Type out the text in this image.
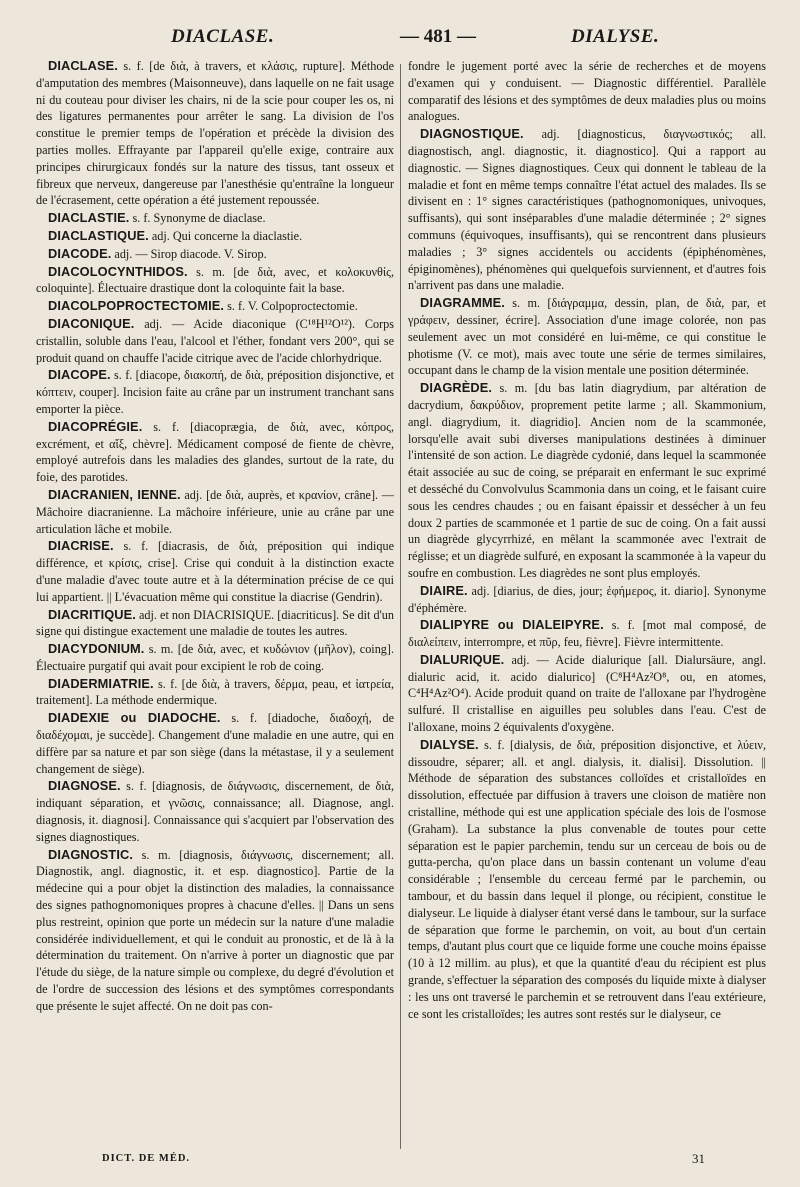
DIACLASE.	— 481 —	DIALYSE.

DIACLASE. s. f. [de διὰ, à travers, et κλάσις, rupture]. Méthode d'amputation des membres (Maisonneuve), dans laquelle on ne fait usage ni du couteau pour diviser les chairs, ni de la scie pour couper les os, ni des ligatures permanentes pour arrêter le sang. La division de l'os constitue le premier temps de l'opération et précède la division des parties molles. Effrayante par l'appareil qu'elle exige, contraire aux principes chirurgicaux fondés sur la nature des tissus, tant osseux et fibreux que nerveux, dangereuse par l'anesthésie qu'entraîne la longueur de l'écrasement, cette opération a été justement repoussée.

DIACLASTIE. s. f. Synonyme de diaclase.

DIACLASTIQUE. adj. Qui concerne la diaclastie.

DIACODE. adj. — Sirop diacode. V. Sirop.

DIACOLOCYNTHIDOS. s. m. [de διὰ, avec, et κολοκυνθίς, coloquinte]. Électuaire drastique dont la coloquinte fait la base.

DIACOLPOPROCTECTOMIE. s. f. V. Colpoproctectomie.

DIACONIQUE. adj. — Acide diaconique (C¹⁸H¹²O¹²). Corps cristallin, soluble dans l'eau, l'alcool et l'éther, fondant vers 200°, qui se produit quand on chauffe l'acide citrique avec de l'acide chlorhydrique.

DIACOPE. s. f. [diacope, διακοπή, de διὰ, préposition disjonctive, et κόπτειν, couper]. Incision faite au crâne par un instrument tranchant sans emporter la pièce.

DIACOPRÉGIE. s. f. [diacoprægia, de διὰ, avec, κόπρος, excrément, et αἴξ, chèvre]. Médicament composé de fiente de chèvre, employé autrefois dans les maladies des glandes, surtout de la rate, du foie, des parotides.

DIACRANIEN, IENNE. adj. [de διὰ, auprès, et κρανίον, crâne]. — Mâchoire diacranienne. La mâchoire inférieure, unie au crâne par une articulation lâche et mobile.

DIACRISE. s. f. [diacrasis, de διὰ, préposition qui indique différence, et κρίσις, crise]. Crise qui conduit à la distinction exacte d'une maladie d'avec toute autre et à la détermination précise de ce qui lui appartient. || L'évacuation même qui constitue la diacrise (Gendrin).

DIACRITIQUE. adj. et non DIACRISIQUE. [diacriticus]. Se dit d'un signe qui distingue exactement une maladie de toutes les autres.

DIACYDONIUM. s. m. [de διὰ, avec, et κυδώνιον (μῆλον), coing]. Électuaire purgatif qui avait pour excipient le rob de coing.

DIADERMIATRIE. s. f. [de διὰ, à travers, δέρμα, peau, et ἰατρεία, traitement]. La méthode endermique.

DIADEXIE ou DIADOCHE. s. f. [diadoche, διαδοχή, de διαδέχομαι, je succède]. Changement d'une maladie en une autre, qui en diffère par sa nature et par son siège (dans la métastase, il y a seulement changement de siège).

DIAGNOSE. s. f. [diagnosis, de διάγνωσις, discernement, de διὰ, indiquant séparation, et γνῶσις, connaissance; all. Diagnose, angl. diagnosis, it. diagnosi]. Connaissance qui s'acquiert par l'observation des signes diagnostiques.

DIAGNOSTIC. s. m. [diagnosis, διάγνωσις, discernement; all. Diagnostik, angl. diagnostic, it. et esp. diagnostico]. Partie de la médecine qui a pour objet la distinction des maladies, la connaissance des signes pathognomoniques propres à chacune d'elles. || Dans un sens plus restreint, opinion que porte un médecin sur la nature d'une maladie considérée individuellement, et qui le conduit au pronostic, et de là à la détermination du traitement. On n'arrive à porter un diagnostic que par l'étude du siège, de la nature simple ou complexe, du degré d'évolution et de l'ordre de succession des lésions et des symptômes correspondants que présente le sujet affecté. On ne doit pas con-

fondre le jugement porté avec la série de recherches et de moyens d'examen qui y conduisent. — Diagnostic différentiel. Parallèle comparatif des lésions et des symptômes de deux maladies plus ou moins analogues.

DIAGNOSTIQUE. adj. [diagnosticus, διαγνωστικός; all. diagnostisch, angl. diagnostic, it. diagnostico]. Qui a rapport au diagnostic. — Signes diagnostiques. Ceux qui donnent le tableau de la maladie et font en même temps connaître l'état actuel des malades. Ils se divisent en : 1° signes caractéristiques (pathognomoniques, univoques, suffisants), qui sont inséparables d'une maladie déterminée ; 2° signes communs (équivoques, insuffisants), qui se rencontrent dans plusieurs maladies ; 3° signes accidentels ou accidents (épiphénomènes, épiginomènes), phénomènes qui quelquefois surviennent, et d'autres fois n'arrivent pas dans une maladie.

DIAGRAMME. s. m. [διάγραμμα, dessin, plan, de διὰ, par, et γράφειν, dessiner, écrire]. Association d'une image colorée, non pas seulement avec un mot considéré en lui-même, ce qui constitue le photisme (V. ce mot), mais avec toute une série de termes similaires, occupant dans le champ de la vision mentale une position déterminée.

DIAGRÈDE. s. m. [du bas latin diagrydium, par altération de dacrydium, δακρύδιον, proprement petite larme ; all. Skammonium, angl. diagrydium, it. diagridio]. Ancien nom de la scammonée, lorsqu'elle avait subi diverses manipulations destinées à diminuer l'intensité de son action. Le diagrède cydonié, dans lequel la scammonée était associée au suc de coing, se préparait en enfermant le suc exprimé et desséché du Convolvulus Scammonia dans un coing, et le faisant cuire sous les cendres chaudes ; ou en faisant épaissir et dessécher à un feu doux 2 parties de scammonée et 1 partie de suc de coing. On a fait aussi un diagrède glycyrrhizé, en mêlant la scammonée avec l'extrait de réglisse; et un diagrède sulfuré, en exposant la scammonée à la vapeur du soufre en combustion. Les diagrèdes ne sont plus employés.

DIAIRE. adj. [diarius, de dies, jour; ἐφήμερος, it. diario]. Synonyme d'éphémère.

DIALIPYRE ou DIALEIPYRE. s. f. [mot mal composé, de διαλείπειν, interrompre, et πῦρ, feu, fièvre]. Fièvre intermittente.

DIALURIQUE. adj. — Acide dialurique [all. Dialursäure, angl. dialuric acid, it. acido dialurico] (C⁸H⁴Az²O⁸, ou, en atomes, C⁴H⁴Az²O⁴). Acide produit quand on traite de l'alloxane par l'hydrogène sulfuré. Il cristallise en aiguilles peu solubles dans l'eau. C'est de l'alloxane, moins 2 équivalents d'oxygène.

DIALYSE. s. f. [dialysis, de διὰ, préposition disjonctive, et λύειν, dissoudre, séparer; all. et angl. dialysis, it. dialisi]. Dissolution. || Méthode de séparation des substances colloïdes et cristalloïdes en dissolution, effectuée par diffusion à travers une cloison de matière non cristalline, méthode qui est une application spéciale des lois de l'osmose (Graham). La substance la plus convenable de toutes pour cette séparation est le papier parchemin, tendu sur un cerceau de bois ou de gutta-percha, qu'on place dans un bassin contenant un volume d'eau considérable ; l'ensemble du cerceau fermé par le parchemin, ou tambour, et du bassin dans lequel il plonge, ou récipient, constitue le dialyseur. Le liquide à dialyser étant versé dans le tambour, sur la surface de séparation que forme le parchemin, on voit, au bout d'un certain temps, d'autant plus court que ce liquide forme une couche moins épaisse (10 à 12 millim. au plus), et que la quantité d'eau du récipient est plus grande, s'effectuer la séparation des composés du liquide mixte à dialyser : les uns ont traversé le parchemin et se retrouvent dans l'eau extérieure, ce sont les cristalloïdes; les autres sont restés sur le dialyseur, ce

DICT. DE MÉD.	31
